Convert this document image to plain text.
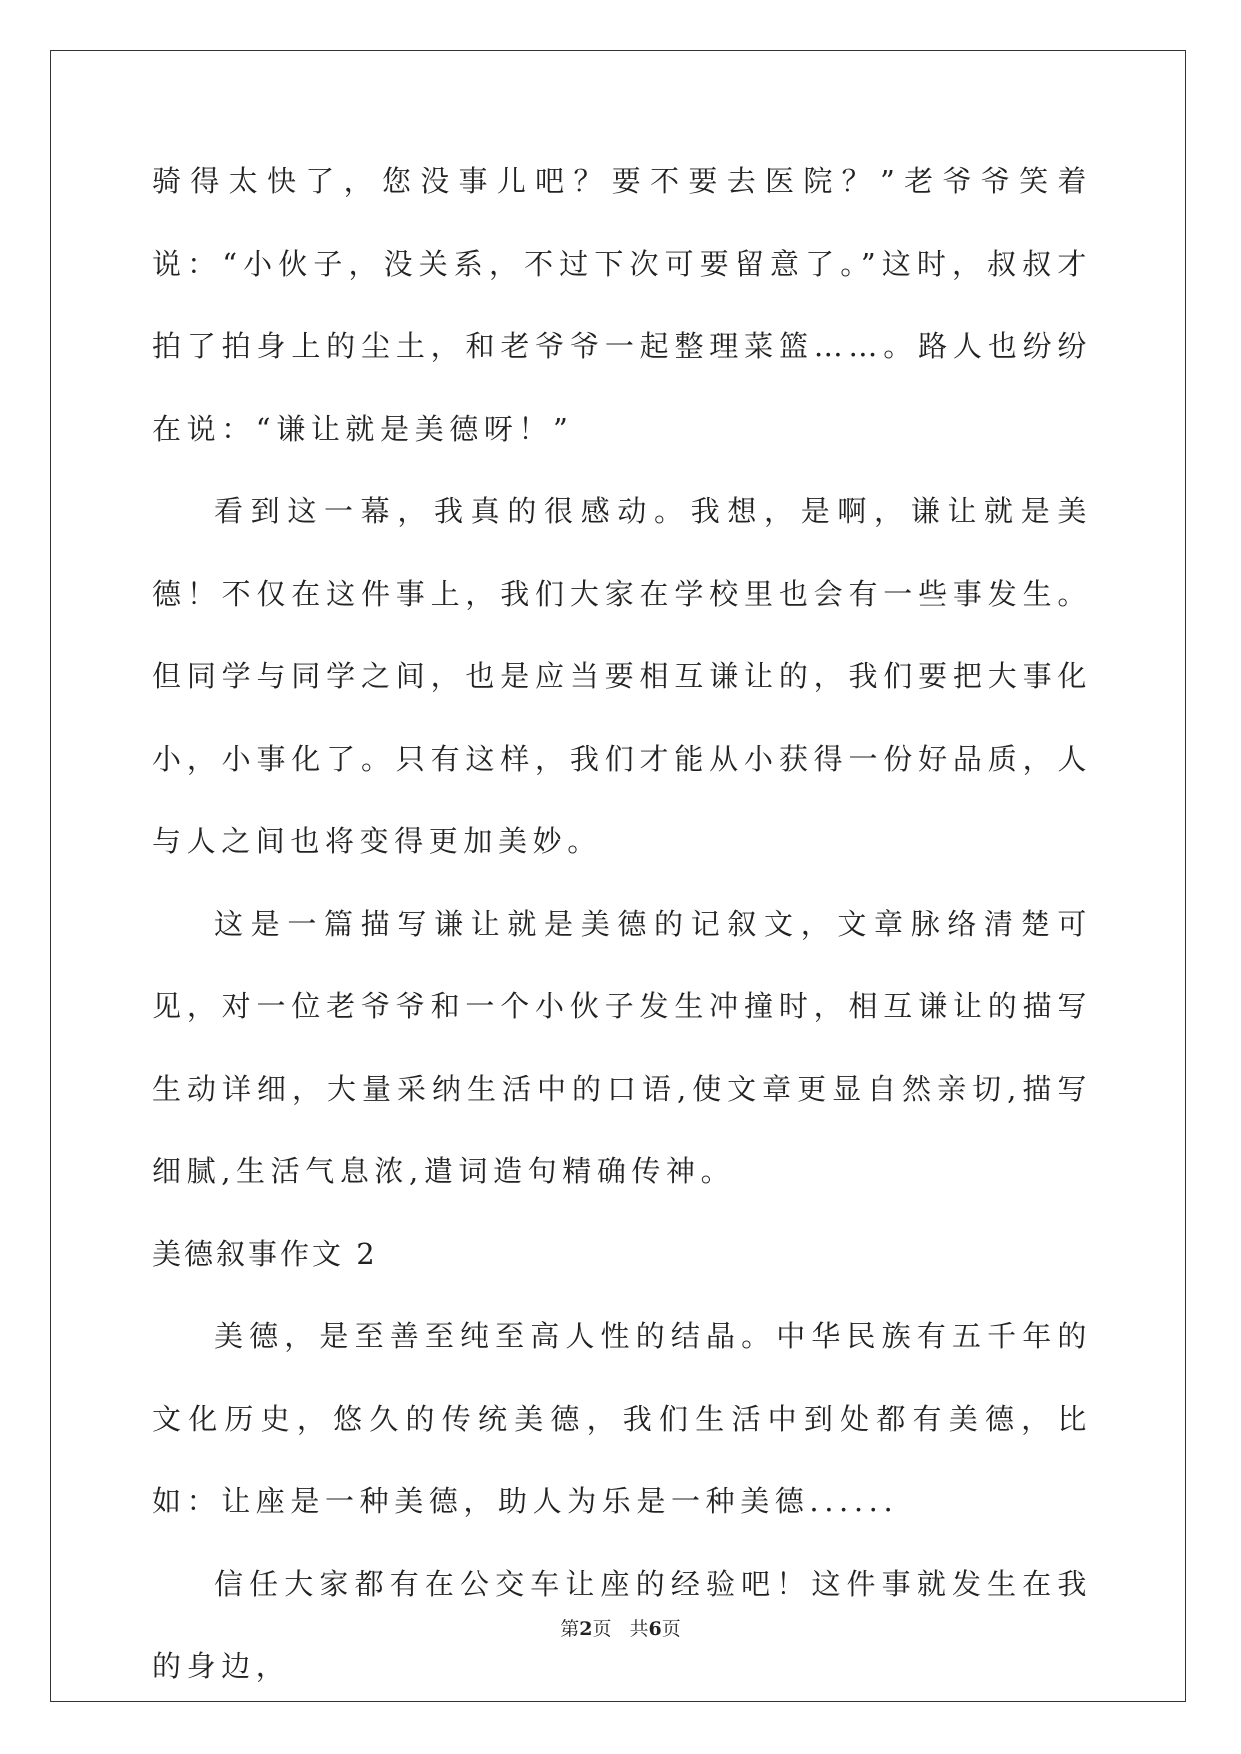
骑得太快了，您没事儿吧？要不要去医院？”老爷爷笑着说：“小伙子，没关系，不过下次可要留意了。”这时，叔叔才拍了拍身上的尘土，和老爷爷一起整理菜篮……。路人也纷纷在说：“谦让就是美德呀！”

看到这一幕，我真的很感动。我想，是啊，谦让就是美德！不仅在这件事上，我们大家在学校里也会有一些事发生。但同学与同学之间，也是应当要相互谦让的，我们要把大事化小，小事化了。只有这样，我们才能从小获得一份好品质，人与人之间也将变得更加美妙。

这是一篇描写谦让就是美德的记叙文，文章脉络清楚可见，对一位老爷爷和一个小伙子发生冲撞时，相互谦让的描写生动详细，大量采纳生活中的口语,使文章更显自然亲切,描写细腻,生活气息浓,遣词造句精确传神。

美德叙事作文 2

美德，是至善至纯至高人性的结晶。中华民族有五千年的文化历史，悠久的传统美德，我们生活中到处都有美德，比如：让座是一种美德，助人为乐是一种美德......

信任大家都有在公交车让座的经验吧！这件事就发生在我的身边，

第2页 共6页
